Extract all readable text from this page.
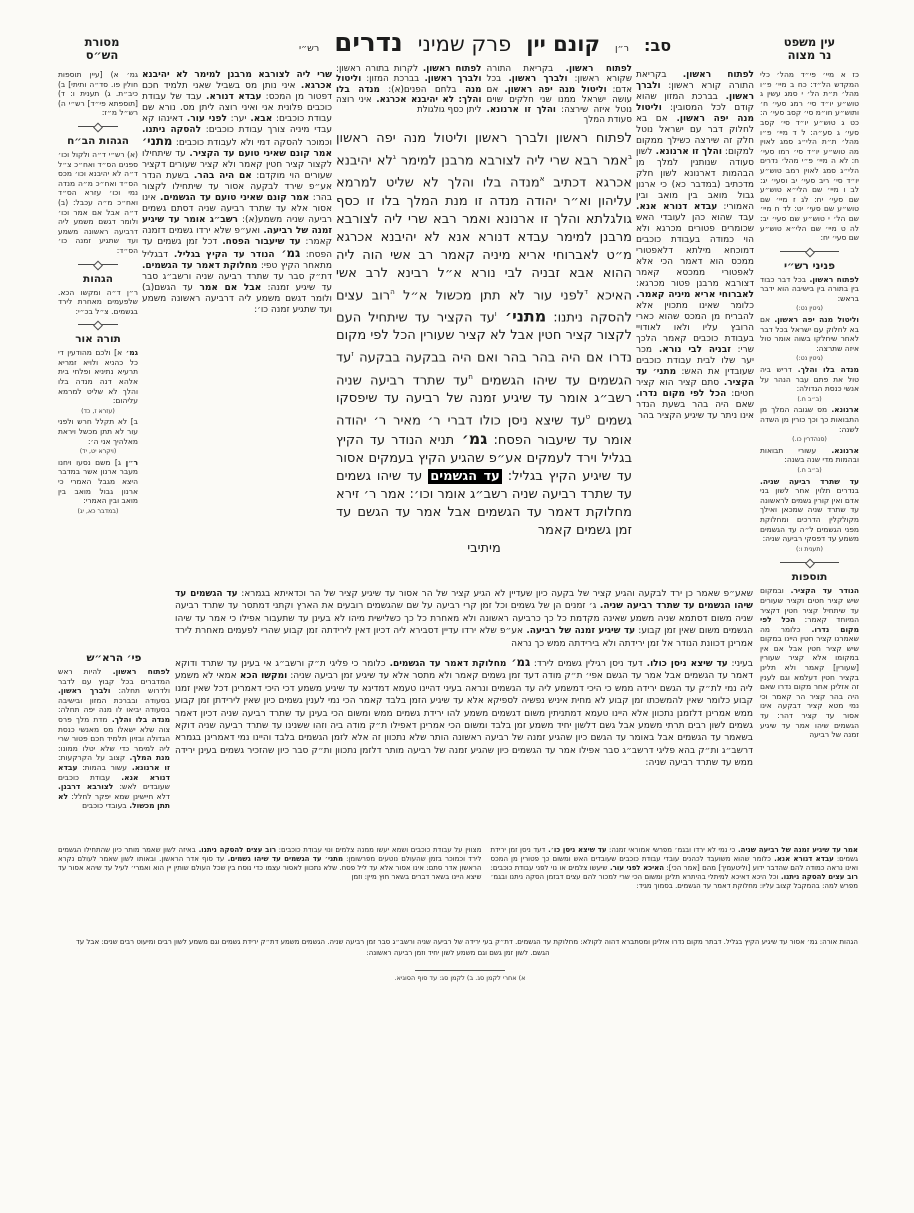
מסורת
הש״ס	סב:
ר״ן
קונם יין
פרק שמיני
נדרים
רש״י	עין משפט
נר מצוה
גמ׳ א) [עיין תוספות חולין פו. סד״ה ותיתי] ב) כיב״ת. ג) תענית ו: ד) [תוספתא פי״ד] רש״י ה) רש״ל מ״ז:
הגהות הב״ח
(א) רש״י ד״ה ולקול וכו׳ ספנים הס״ד ואח״כ צ״ל ד״ה לא יהיבנא וכו׳ מכס הס״ד ואח״כ מ״ה מנדה נמי וכו׳ עזרא הס״ד ואח״כ מ״ה עכבל: (ב) ד״ה אבל אם אמר וכו׳ ולומר דגשם משמע ליה דרביעה ראשונה משמע ועד שתגיע זמנה כו׳ הס״ד:
הגהות
ר״ן ד״ה ומקשו הכא. שלפעמים מאחרת לירד בגשמים. צ״ל בכ״י:
תורה אור
גמ׳ א] ולכם מהודעין די כל כהניא ולויא זמריא תרעיא נתיניא ופלחי בית אלהא דנה מנדה בלו והלך לא שליט למרמא עליהום:
(עזרא ז, כד)
ב] לא תקלל חרש ולפני עור לא תתן מכשל ויראת מאלהיך אני ה׳:
(ויקרא יט, יד)
ר״ן ג] משם נסעו ויחנו מעבר ארנון אשר במדבר היצא מגבל האמרי כי ארנון גבול מואב בין מואב ובין האמרי:
(במדבר כא, יג)
שרי ליה לצורבא מרבנן למימר לא יהיבנא אכרגא. איני נותן מס בשביל שאני תלמיד חכם דפטור מן המכס: עבדא דנורא. עבד של עבודת כוכבים פלונית אני ואיני רוצה ליתן מס. נורא שם עבודת כוכבים: אבא. יער: לפני עור. דאינהו קא עבדי מיניה צורך עבודת כוכבים: להסקה ניתנו. וכמוכר להסקה דמי ולא לעבודת כוכבים: מתני׳ אמר קונם שאיני טועם עד הקציר. עד שיתחילו לקצור קציר חטין קאמר ולא קציר שעורים דקציר שעורים הוי מוקדם: אם היה בהר. בשעת הנדר אע״פ שירד לבקעה אסור עד שיתחילו לקצור בהר: אמר קונם שאיני טועם עד הגשמים. אינו אסור אלא עד שתרד רביעה שניה דסתם גשמים רביעה שניה משמע(א): רשב״ג אומר עד שיגיע זמנה של רביעה. ואע״פ שלא ירדו גשמים דזמנה קאמר: עד שיעבור הפסח. דכל זמן גשמים עד הפסח: גמ׳ הנודר עד הקיץ בגליל. דבגליל מתאחר הקיץ טפי: מחלוקת דאמר עד הגשמים. דת״ק סבר עד שתרד רביעה שניה ורשב״ג סבר עד שיגיע זמנה: אבל אם אמר עד הגשם(ב) ולומר דגשם משמע ליה דרביעה ראשונה משמע ועד שתגיע זמנה כו׳:
לפתוח ראשון. בקריאת התורה שקורא ראשון: ולברך ראשון. בכל אדם: וליטול מנה יפה ראשון. אם עושה ישראל ממנו שני חלקים שוים נוטל איזה שירצה: והלך זו ארנונא. סעודת המלך
לפתוח ראשון. לקרות בתורה ראשון: ולברך ראשון. בברכת המזון: וליטול מנה בלחם הפנים(א): מנדה בלו והלך: לא יהיבנא אכרגא. איני רוצה ליתן כסף גולגולת
לפתוח ראשון ולברך ראשון וליטול מנה יפה ראשון $^ב$אמר רבא שרי ליה לצורבא מרבנן למימר $^ג$לא יהיבנא אכרגא דכתיב $^א$מנדה בלו והלך לא שליט למרמא עליהון וא״ר יהודה מנדה זו מנת המלך בלו זו כסף גולגלתא והלך זו ארנונא ואמר רבא שרי ליה לצורבא מרבנן למימר עבדא דנורא אנא לא יהיבנא אכרגא מ״ט לאברוחי אריא מיניה קאמר רב אשי הוה ליה ההוא אבא זבניה לבי נורא א״ל רבינא לרב אשי האיכא $^ד$לפני עור לא תתן מכשול א״ל $^ה$רוב עצים להסקה ניתנו: מתני׳ $^ו$עד הקציר עד שיתחיל העם לקצור קציר חטין אבל לא קציר שעורין הכל לפי מקום נדרו אם היה בהר בהר ואם היה בבקעה בבקעה $^ז$עד הגשמים עד שיהו הגשמים $^ח$עד שתרד רביעה שניה רשב״ג אומר עד שיגיע זמנה של רביעה עד שיפסקו גשמים $^ט$עד שיצא ניסן כולו דברי ר׳ מאיר ר׳ יהודה אומר עד שיעבור הפסח: גמ׳ תניא הנודר עד הקיץ בגליל וירד לעמקים אע״פ שהגיע הקיץ בעמקים אסור עד שיגיע הקיץ בגליל: עד הגשמים עד שיהו גשמים עד שתרד רביעה שניה רשב״ג אומר וכו׳: אמר ר׳ זירא מחלוקת דאמר עד הגשמים אבל אמר עד הגשם עד זמן גשמים קאמר
מיתיבי
לפתוח ראשון. בקריאת התורה קורא ראשון: ולברך ראשון. בברכת המזון שהוא קודם לכל המסובין: וליטול מנה יפה ראשון. אם בא לחלוק דבר עם ישראל נוטל חלק זה שירצה כשילך ממקום למקום: והלך זו ארנונא. לשון סעודה שנותנין למלך מן הבהמות דארנונא לשון חלק מדכתיב (במדבר כא) כי ארנון גבול מואב בין מואב ובין האמורי: עבדא דנורא אנא. עבד שהוא כהן לעובדי האש שכומרים פטורים מכרגא ולא הוי כמודה בעבודת כוכבים דמוכחא מילתא דלאפטורי ממכס הוא דאמר הכי אלא לאפטורי ממכסא קאמר דצורבא מרבנן פטור מכרגא: לאברוחי אריא מיניה קאמר. כלומר שאינו מתכוין אלא להבריח מן המכס שהוא כארי הרובץ עליו ולאו לאודויי בעבודת כוכבים קאמר הלכך שרי: זבניה לבי נורא. מכר יער שלו לבית עבודת כוכבים שעובדין את האש: מתני׳ עד הקציר. סתם קציר הוא קציר חטים: הכל לפי מקום נדרו. שאם היה בהר בשעת הנדר אינו ניתר עד שיגיע הקציר בהר
כז א מיי׳ פי״ד מהל׳ כלי המקדש הל״ד: כח ב מיי׳ פ״ו מהל׳ ת״ת הל׳ י סמג עשין ג טוש״ע יו״ד סי׳ רמג סעי׳ ח׳ ותוש״ע חו״מ סי׳ קסב סעי׳ ה: כט ג טוש״ע יו״ד סי׳ קסב סעי׳ ג סע״ה: ל ד מיי׳ פ״ו מהל׳ ת״ת הלי״ג סמג לאוין מה טוש״ע יו״ד סי׳ רמו סעי׳ ח: לא ה מיי׳ פ״י מהל׳ נדרים הלי״ג סמג לאוין רמב טוש״ע יו״ד סי׳ ריב סעי׳ יב וסעי׳ יג: לב ו מיי׳ שם הלי״א טוש״ע שם סעי׳ יח: לג ז מיי׳ שם טוש״ע שם סעי׳ יט: לד ח מיי׳ שם הל׳ י טוש״ע שם סעי׳ יב: לה ט מיי׳ שם הלי״א טוש״ע שם סעי׳ יח:
פניני רש״י
לפתוח ראשון. בכל דבר כבוד בין בתורה בין בישיבה הוא ידבר בראש:
(גיטין נט:)
וליטול מנה יפה ראשון. אם בא לחלוק עם ישראל בכל דבר לאחר שיחלקו בשוה אומר טול איזה שתרצה:
(גיטין נט:)
מנדה בלו והלך. דריש ביה טול את פתם עבר הנהר על אנשי כנסת הגדולה:
(ב״ב ח.)
ארנונא. מס שגובה המלך מן התבואות כך וכך כורין מן השדה לשנה:
(סנהדרין כו.)
ארנונא. עשורי תבואות ובהמות מדי שנה בשנה:
(ב״ב ח.)
עד שתרד רביעה שניה. בנדרים תלוין אחר לשון בני אדם ואין קורין גשמים לראשונה עד שתרד שניה שמכאן ואילך מקולקלין הדרכים ומחלוקת מפני הגשמים ל״ה עד הגשמים משמע עד דפסקי רביעה שניה:
(תענית ו:)
תוספות
הנודר עד הקציר. ובמקום שיש קציר חטים וקציר שעורים עד שיתחיל קציר חטין דקציר המיוחד קאמר: הכל לפי מקום נדרו. כלומר מה שאמרנו קציר חטין היינו במקום שיש קציר חטין אבל אם אין במקומו אלא קציר שעורין [שעורין] קאמר ולא תלינן בקציר חטין דעלמא וגם לענין זה אזלינן אחר מקום נדרו שאם היה בהר קציר הר קאמר וכי נמי מטא קציר דבקעה אינו אסור עד קציר דהר: עד הגשמים שיהו אמר עד שיגיע זמנה של רביעה
שאע״פ שאמר כן ירד לבקעה והגיע קציר של בקעה כיון שעדיין לא הגיע קציר של הר אסור עד שיגיע קציר של הר וכדאיתא בגמרא: עד הגשמים עד שיהו הגשמים עד שתרד רביעה שניה. ג׳ זמנים הן של גשמים וכל זמן קרי רביעה על שם שהגשמים רובעים את הארץ וקתני דמתסר עד שתרד רביעה שניה משום דסתמא שניה משמע שאינה מקדמת כל כך כרביעה ראשונה ולא מאחרת כל כך כשלישית מיהו לא בעינן עד שתעבור אפילו כי אמר עד שיהו הגשמים משום שאין זמן קבוע: עד שיגיע זמנה של רביעה. אע״פ שלא ירדו עדיין דסבירא ליה דכיון דאין לירידתה זמן קבוע שהרי לפעמים מאחרת לירד אמרינן דכוונת הנודר אל זמן ירידתה ולא בירידתה ממש כך נראה
פי׳ הרא״ש
לפתוח ראשון. להיות ראש המדברים בכל קבוץ עם לדבר ולדרוש תחלה: ולברך ראשון. בסעודה ובברכת המזון ובישיבה בסעודה יביאו לו מנה יפה תחלה: מנדה בלו והלך. מדת מלך פרס צוה שלא ישאלו מס מאנשי כנסת הגדולה ובזיון תלמיד חכם פטור שרי ליה למימר כדי שלא יטלו ממונו: מנת המלך. קצוב על הקרקעות: זו ארנונא. עשור בהמות: עבדא דנורא אנא. עבודת כוכבים שעובדים לאש: לצורבא דרבנן. דלא חיישינן שמא יפקר לחלל: לא תתן מכשול. בעובדי כוכבים
בעיני: עד שיצא ניסן כולו. דעד ניסן רגילין גשמים לירד: גמ׳ מחלוקת דאמר עד הגשמים. כלומר כי פליגי ת״ק ורשב״ג אי בעינן עד שתרד ודוקא דאמר עד הגשמים אבל אמר עד הגשם אפי׳ ת״ק מודה דעד זמן גשמים קאמר ולא מתסר אלא עד שיגיע זמן רביעה שניה: ומקשו הכא אמאי לא משמע ליה נמי לת״ק עד הגשם ירידה ממש כי היכי דמשמע ליה עד הגשמים ונראה בעיני דהיינו טעמא דמדינא עד שיגיע משמע דכי היכי דאמרינן דכל שאין זמנו קבוע כלומר שאין להמשכתו זמן קבוע לא מחית איניש נפשיה לספיקא אלא עד שיגיע הזמן בלבד קאמר הכי נמי לענין גשמים כיון שאין לירידתן זמן קבוע ממש אמרינן דלזמנן נתכוון אלא היינו טעמא דמתניתין משום דגשמים משמע להו ירידת גשמים ממש ומשום הכי בעינן עד שתרד רביעה שניה דכיון דאמר גשמים לשון רבים תרתי משמע אבל גשם דלשון יחיד משמע זמן בלבד ומשום הכי אמרינן דאפילו ת״ק מודה ביה וזהו ששנינו עד שתרד רביעה שניה דוקא בשאמר עד הגשמים אבל באומר עד הגשם כיון שהגיע זמנה של רביעה ראשונה הותר שלא נתכוון זה אלא לזמן הגשמים בלבד והיינו נמי דאמרינן בגמרא דרשב״ג ות״ק בהא פליגי דרשב״ג סבר אפילו אמר עד הגשמים כיון שהגיע זמנה של רביעה מותר דלזמן נתכוון ות״ק סבר כיון שהזכיר גשמים בעינן ירידה ממש עד שתרד רביעה שניה:
אמר עד שיגיע זמנה של רביעה שניה. כי נמי לא ירדו ובגמ׳ מפרשי אמוראי זמנה: עד שיצא ניסן כו׳. דעד ניסן זמן ירידת גשמים: עבדא דנורא אנא. כלומר שהוא משועבד לכהנים עובדי עבודת כוכבים שעובדים האש ומשום כך פטורין מן המכס ואינו נראה כמודה להם שהדבר ידוע [וליטעמיך] מהם [אמר הכי]: האיכא לפני עור. שיעשו צלמים או נוי לפני עבודת כוכבים: רוב עצים להסקה ניתנו. וכל היכא דאיכא למיתלי בהיתרא תלינן ומשום הכי שרי למכור להם עצים דבזמן הסקה ניתנו ובגמ׳ מפרש למה: בהמקבל קצוב עליו: מחלוקת דאמר עד הגשמים. בסמוך מגיד:
מצווין על עבודת כוכבים ושמא יעשו ממנה צלמים ונוי עבודת כוכבים: רוב עצים להסקה ניתנו. באיזה לשון שאמר מותר כיון שהתחילו הגשמים לירד וכמוכר בזמן שהעולם נוטעים מפרשומן: מתני׳ עד הגשמים עד שיהו גשמים. עד סוף אדר הראשון. ובאותו לשון שאמר לעולם נקרא הראשון אדר סתם: אינו אסור אלא עד ליל פסח. שלא נתכוון לאסור עצמו כדי נוסח בין שכל העולם שותין יין הוא ואמרי׳ לעיל עד שיהא אסור עד שיצא היינו בשאר דברים בשאר חוץ מיין: וזמן
הגהות אורה: גמ׳ אסור עד שיגיע הקיץ בגליל. דבתר מקום נדרו אזלינן ומסתברא דהוה לקולא: מחלוקת עד הגשמים. דת״ק בעי ירידה של רביעה שניה ורשב״ג סבר זמן רביעה שניה. הגשמים משמע דת״ק ירידת גשמים וגם משמע לשון רבים ומיעוט רבים שנים: אבל עד
הגשם. לשון זמן גשם וגם משמע לשון יחיד וזמן רביעה ראשונה:
א) אחרי לקמן סג. ב) לקמן סג: עד סוף הסוגיא.
